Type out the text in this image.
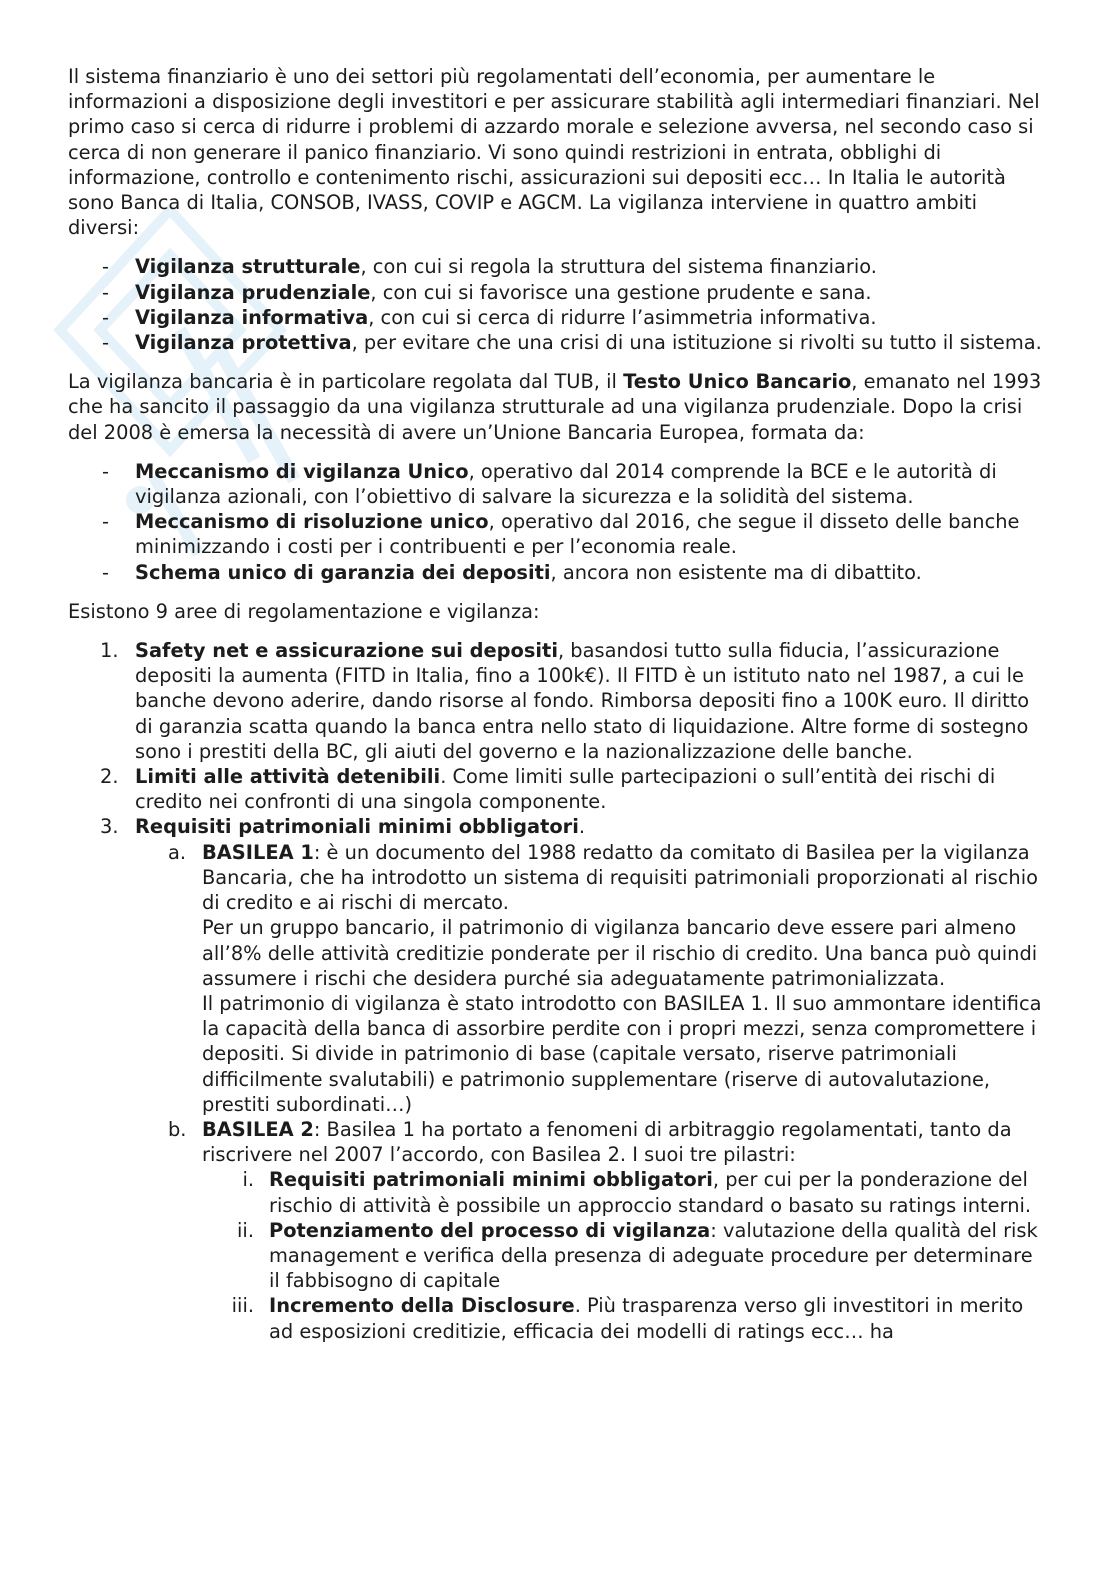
Il sistema finanziario è uno dei settori più regolamentati dell’economia, per aumentare le informazioni a disposizione degli investitori e per assicurare stabilità agli intermediari finanziari. Nel primo caso si cerca di ridurre i problemi di azzardo morale e selezione avversa, nel secondo caso si cerca di non generare il panico finanziario. Vi sono quindi restrizioni in entrata, obblighi di informazione, controllo e contenimento rischi, assicurazioni sui depositi ecc… In Italia le autorità sono Banca di Italia, CONSOB, IVASS, COVIP e AGCM. La vigilanza interviene in quattro ambiti diversi:

- Vigilanza strutturale, con cui si regola la struttura del sistema finanziario.
- Vigilanza prudenziale, con cui si favorisce una gestione prudente e sana.
- Vigilanza informativa, con cui si cerca di ridurre l’asimmetria informativa.
- Vigilanza protettiva, per evitare che una crisi di una istituzione si rivolti su tutto il sistema.

La vigilanza bancaria è in particolare regolata dal TUB, il Testo Unico Bancario, emanato nel 1993 che ha sancito il passaggio da una vigilanza strutturale ad una vigilanza prudenziale. Dopo la crisi del 2008 è emersa la necessità di avere un’Unione Bancaria Europea, formata da:

- Meccanismo di vigilanza Unico, operativo dal 2014 comprende la BCE e le autorità di vigilanza azionali, con l’obiettivo di salvare la sicurezza e la solidità del sistema.
- Meccanismo di risoluzione unico, operativo dal 2016, che segue il disseto delle banche minimizzando i costi per i contribuenti e per l’economia reale.
- Schema unico di garanzia dei depositi, ancora non esistente ma di dibattito.

Esistono 9 aree di regolamentazione e vigilanza:

1. Safety net e assicurazione sui depositi, basandosi tutto sulla fiducia, l’assicurazione depositi la aumenta (FITD in Italia, fino a 100k€). Il FITD è un istituto nato nel 1987, a cui le banche devono aderire, dando risorse al fondo. Rimborsa depositi fino a 100K euro. Il diritto di garanzia scatta quando la banca entra nello stato di liquidazione. Altre forme di sostegno sono i prestiti della BC, gli aiuti del governo e la nazionalizzazione delle banche.
2. Limiti alle attività detenibili. Come limiti sulle partecipazioni o sull’entità dei rischi di credito nei confronti di una singola componente.
3. Requisiti patrimoniali minimi obbligatori.
a. BASILEA 1: è un documento del 1988 redatto da comitato di Basilea per la vigilanza Bancaria, che ha introdotto un sistema di requisiti patrimoniali proporzionati al rischio di credito e ai rischi di mercato.
Per un gruppo bancario, il patrimonio di vigilanza bancario deve essere pari almeno all’8% delle attività creditizie ponderate per il rischio di credito. Una banca può quindi assumere i rischi che desidera purché sia adeguatamente patrimonializzata.
Il patrimonio di vigilanza è stato introdotto con BASILEA 1. Il suo ammontare identifica la capacità della banca di assorbire perdite con i propri mezzi, senza compromettere i depositi. Si divide in patrimonio di base (capitale versato, riserve patrimoniali difficilmente svalutabili) e patrimonio supplementare (riserve di autovalutazione, prestiti subordinati…)
b. BASILEA 2: Basilea 1 ha portato a fenomeni di arbitraggio regolamentati, tanto da riscrivere nel 2007 l’accordo, con Basilea 2. I suoi tre pilastri:
i. Requisiti patrimoniali minimi obbligatori, per cui per la ponderazione del rischio di attività è possibile un approccio standard o basato su ratings interni.
ii. Potenziamento del processo di vigilanza: valutazione della qualità del risk management e verifica della presenza di adeguate procedure per determinare il fabbisogno di capitale
iii. Incremento della Disclosure. Più trasparenza verso gli investitori in merito ad esposizioni creditizie, efficacia dei modelli di ratings ecc… ha
